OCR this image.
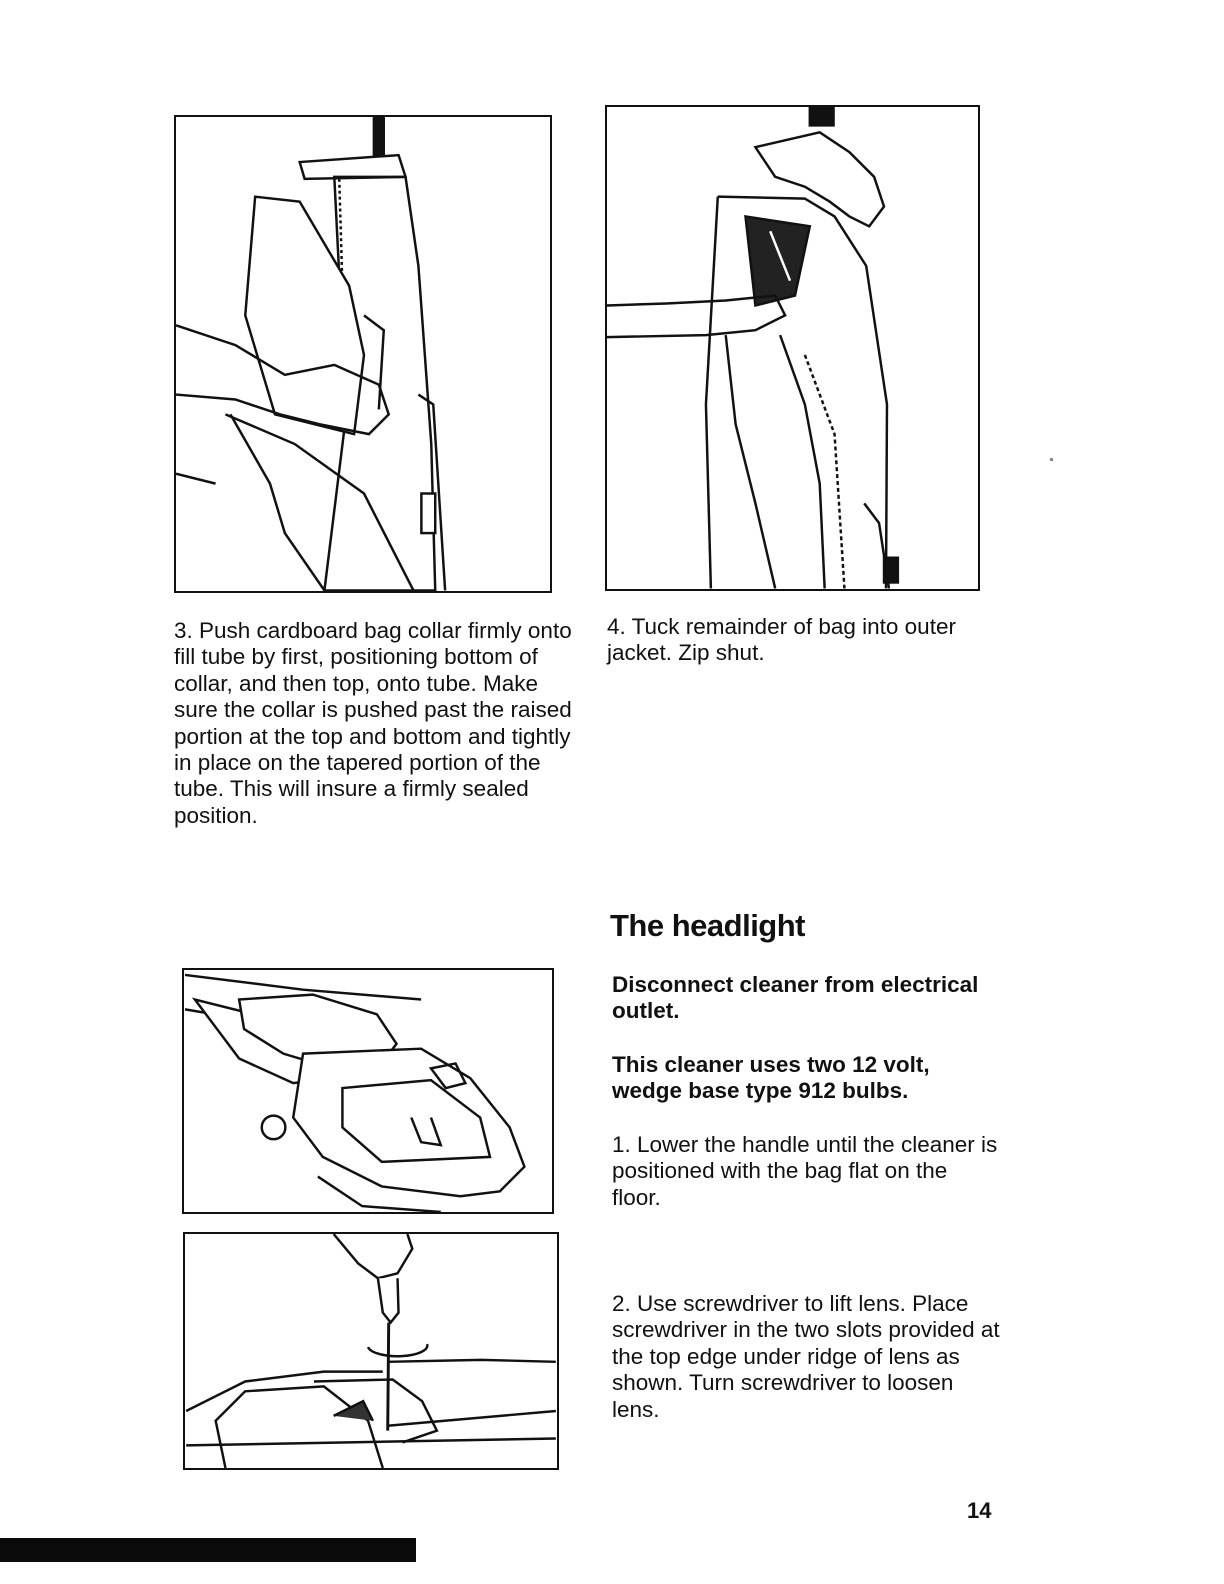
3. Push cardboard bag collar firmly onto fill tube by first, positioning bottom of collar, and then top, onto tube. Make sure the collar is pushed past the raised portion at the top and bottom and tightly in place on the tapered portion of the tube. This will insure a firmly sealed position.
4. Tuck remainder of bag into outer jacket. Zip shut.
The headlight
Disconnect cleaner from electrical outlet.
This cleaner uses two 12 volt, wedge base type 912 bulbs.
1. Lower the handle until the cleaner is positioned with the bag flat on the floor.
2. Use screwdriver to lift lens. Place screwdriver in the two slots provided at the top edge under ridge of lens as shown. Turn screwdriver to loosen lens.
14
